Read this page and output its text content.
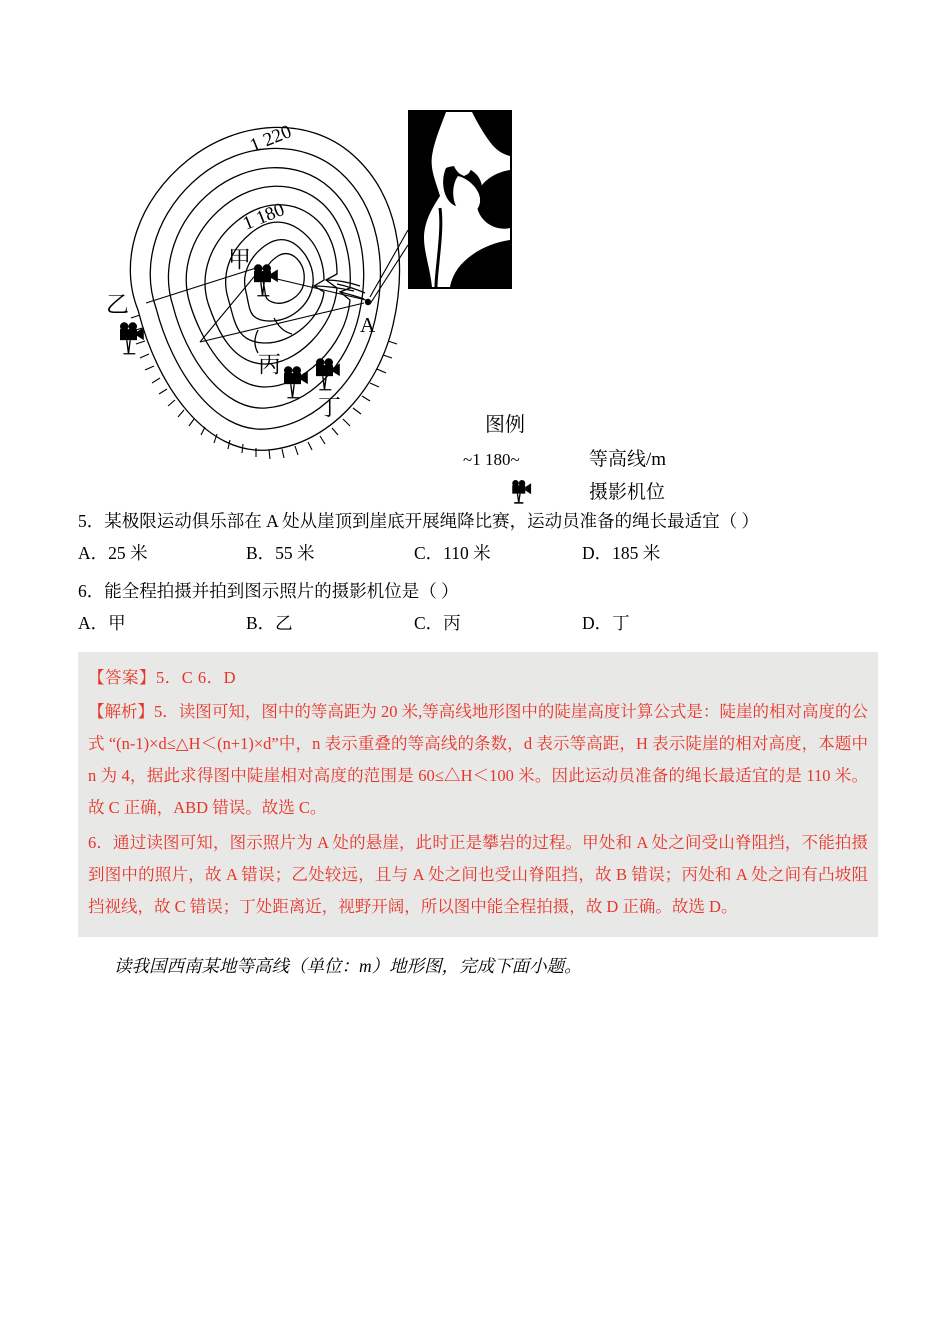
1 220
1 180
A
甲
乙
丙
丁
图例
~1 180~	等高线/m
摄影机位
5．某极限运动俱乐部在 A 处从崖顶到崖底开展绳降比赛，运动员准备的绳长最适宜（ ）
A．25 米	B．55 米	C．110 米	D．185 米
6．能全程拍摄并拍到图示照片的摄影机位是（ ）
A．甲	B．乙	C．丙	D．丁

【答案】5．C 6．D

【解析】5．读图可知，图中的等高距为 20 米,等高线地形图中的陡崖高度计算公式是：陡崖的相对高度的公式 “(n-1)×d≤△H＜(n+1)×d”中，n 表示重叠的等高线的条数，d 表示等高距，H 表示陡崖的相对高度，本题中 n 为 4，据此求得图中陡崖相对高度的范围是 60≤△H＜100 米。因此运动员准备的绳长最适宜的是 110 米。故 C 正确，ABD 错误。故选 C。

6．通过读图可知，图示照片为 A 处的悬崖，此时正是攀岩的过程。甲处和 A 处之间受山脊阻挡，不能拍摄到图中的照片，故 A 错误；乙处较远，且与 A 处之间也受山脊阻挡，故 B 错误；丙处和 A 处之间有凸坡阻挡视线，故 C 错误；丁处距离近，视野开阔，所以图中能全程拍摄，故 D 正确。故选 D。

读我国西南某地等高线（单位：m）地形图，完成下面小题。
